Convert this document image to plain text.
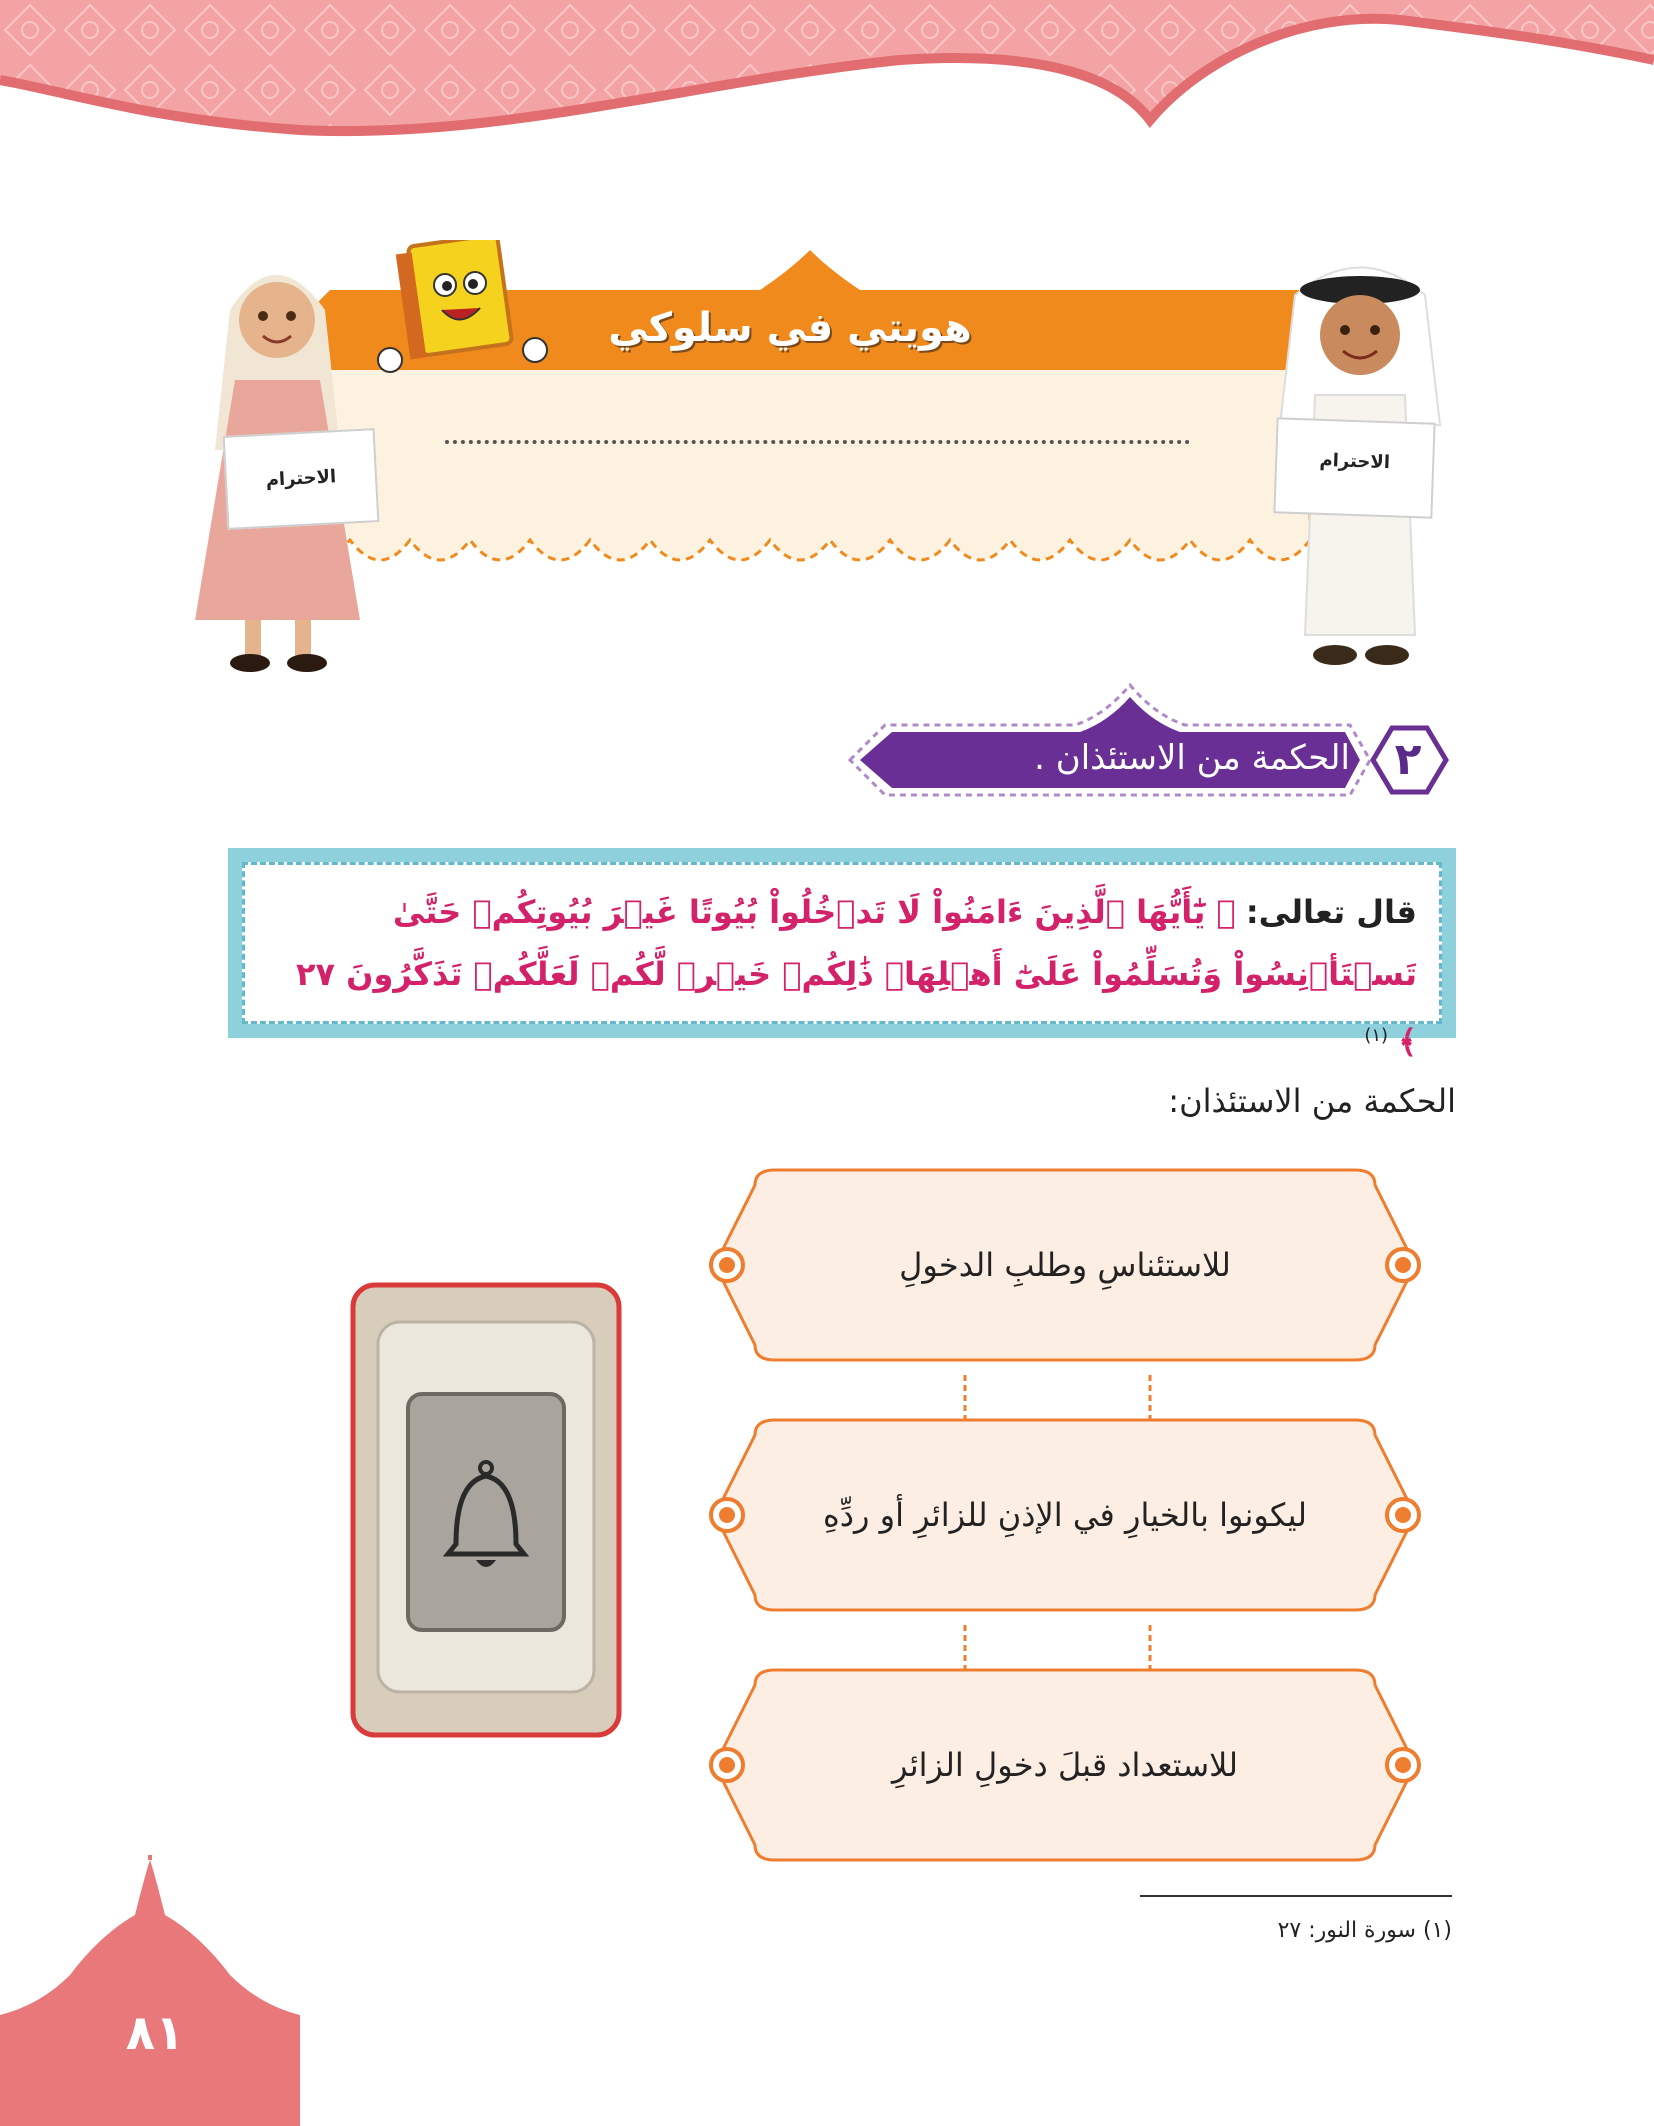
هويتي في سلوكي
الاحترام
الاحترام
٢
الحكمة من الاستئذان .
قال تعالى: ﴿ يَٰٓأَيُّهَا ٱلَّذِينَ ءَامَنُواْ لَا تَدۡخُلُواْ بُيُوتًا غَيۡرَ بُيُوتِكُمۡ حَتَّىٰ تَسۡتَأۡنِسُواْ وَتُسَلِّمُواْ عَلَىٰٓ أَهۡلِهَاۚ ذَٰلِكُمۡ خَيۡرٞ لَّكُمۡ لَعَلَّكُمۡ تَذَكَّرُونَ ٢٧ ﴾ $^{(١)}$
الحكمة من الاستئذان:
للاستئناسِ وطلبِ الدخولِ
ليكونوا بالخيارِ في الإذنِ للزائرِ أو ردِّهِ
للاستعداد قبلَ دخولِ الزائرِ
(١) سورة النور: ٢٧
٨١
